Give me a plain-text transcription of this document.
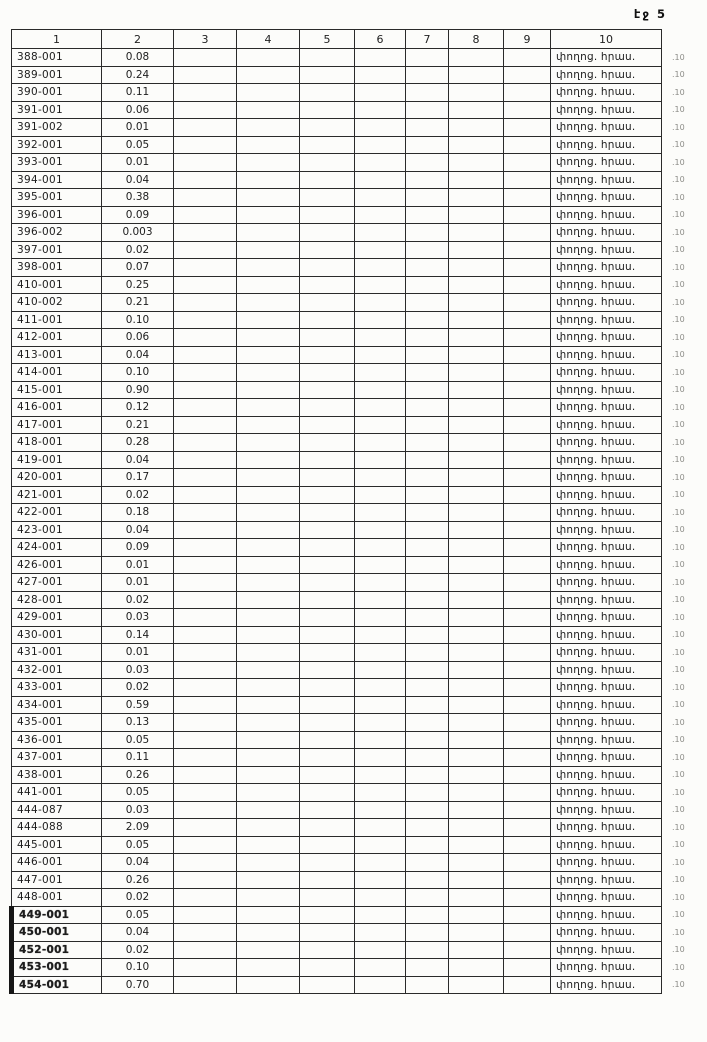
էջ 5
1	2	3	4	5	6	7	8	9	10	
388-001	0.08								փողոց. հրաս.	.10
389-001	0.24								փողոց. հրաս.	.10
390-001	0.11								փողոց. հրաս.	.10
391-001	0.06								փողոց. հրաս.	.10
391-002	0.01								փողոց. հրաս.	.10
392-001	0.05								փողոց. հրաս.	.10
393-001	0.01								փողոց. հրաս.	.10
394-001	0.04								փողոց. հրաս.	.10
395-001	0.38								փողոց. հրաս.	.10
396-001	0.09								փողոց. հրաս.	.10
396-002	0.003								փողոց. հրաս.	.10
397-001	0.02								փողոց. հրաս.	.10
398-001	0.07								փողոց. հրաս.	.10
410-001	0.25								փողոց. հրաս.	.10
410-002	0.21								փողոց. հրաս.	.10
411-001	0.10								փողոց. հրաս.	.10
412-001	0.06								փողոց. հրաս.	.10
413-001	0.04								փողոց. հրաս.	.10
414-001	0.10								փողոց. հրաս.	.10
415-001	0.90								փողոց. հրաս.	.10
416-001	0.12								փողոց. հրաս.	.10
417-001	0.21								փողոց. հրաս.	.10
418-001	0.28								փողոց. հրաս.	.10
419-001	0.04								փողոց. հրաս.	.10
420-001	0.17								փողոց. հրաս.	.10
421-001	0.02								փողոց. հրաս.	.10
422-001	0.18								փողոց. հրաս.	.10
423-001	0.04								փողոց. հրաս.	.10
424-001	0.09								փողոց. հրաս.	.10
426-001	0.01								փողոց. հրաս.	.10
427-001	0.01								փողոց. հրաս.	.10
428-001	0.02								փողոց. հրաս.	.10
429-001	0.03								փողոց. հրաս.	.10
430-001	0.14								փողոց. հրաս.	.10
431-001	0.01								փողոց. հրաս.	.10
432-001	0.03								փողոց. հրաս.	.10
433-001	0.02								փողոց. հրաս.	.10
434-001	0.59								փողոց. հրաս.	.10
435-001	0.13								փողոց. հրաս.	.10
436-001	0.05								փողոց. հրաս.	.10
437-001	0.11								փողոց. հրաս.	.10
438-001	0.26								փողոց. հրաս.	.10
441-001	0.05								փողոց. հրաս.	.10
444-087	0.03								փողոց. հրաս.	.10
444-088	2.09								փողոց. հրաս.	.10
445-001	0.05								փողոց. հրաս.	.10
446-001	0.04								փողոց. հրաս.	.10
447-001	0.26								փողոց. հրաս.	.10
448-001	0.02								փողոց. հրաս.	.10
449-001	0.05								փողոց. հրաս.	.10
450-001	0.04								փողոց. հրաս.	.10
452-001	0.02								փողոց. հրաս.	.10
453-001	0.10								փողոց. հրաս.	.10
454-001	0.70								փողոց. հրաս.	.10
